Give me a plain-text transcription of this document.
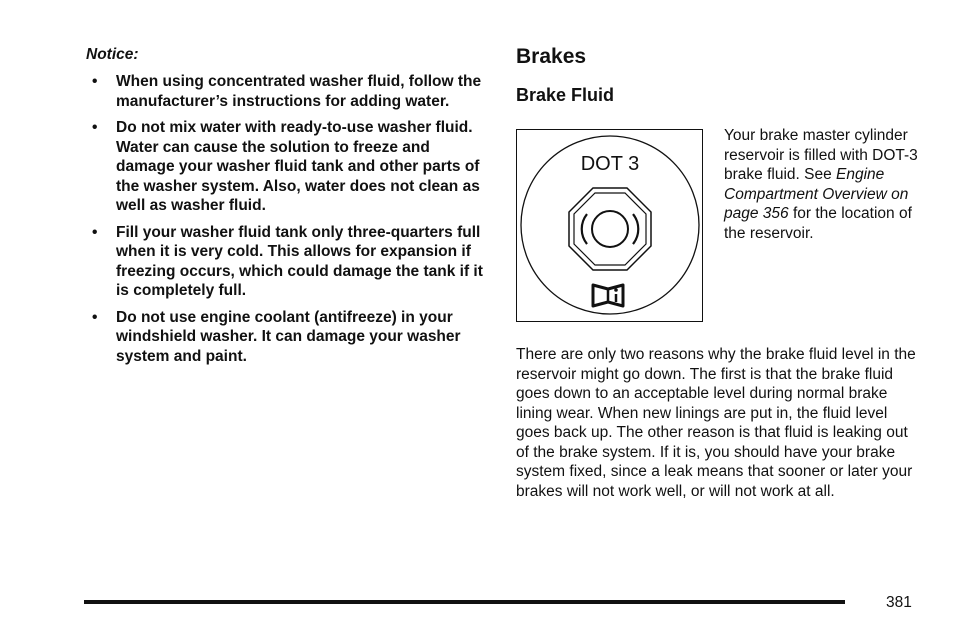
Notice:
• When using concentrated washer fluid, follow the manufacturer’s instructions for adding water.
• Do not mix water with ready-to-use washer fluid. Water can cause the solution to freeze and damage your washer fluid tank and other parts of the washer system. Also, water does not clean as well as washer fluid.
• Fill your washer fluid tank only three-quarters full when it is very cold. This allows for expansion if freezing occurs, which could damage the tank if it is completely full.
• Do not use engine coolant (antifreeze) in your windshield washer. It can damage your washer system and paint.
Brakes
Brake Fluid
DOT 3
Your brake master cylinder reservoir is filled with DOT-3 brake fluid. See Engine Compartment Overview on page 356 for the location of the reservoir.
There are only two reasons why the brake fluid level in the reservoir might go down. The first is that the brake fluid goes down to an acceptable level during normal brake lining wear. When new linings are put in, the fluid level goes back up. The other reason is that fluid is leaking out of the brake system. If it is, you should have your brake system fixed, since a leak means that sooner or later your brakes will not work well, or will not work at all.
381
